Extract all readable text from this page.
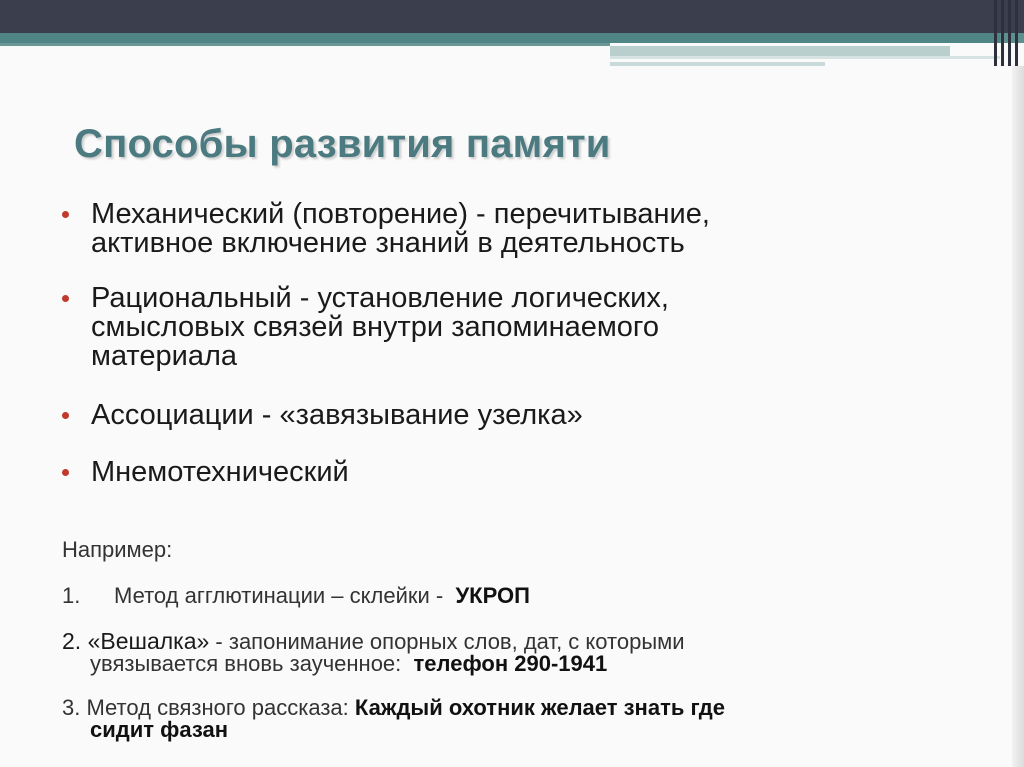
Способы развития памяти
Механический (повторение) - перечитывание,
активное включение знаний в деятельность
Рациональный - установление логических,
смысловых связей внутри запоминаемого
материала
Ассоциации - «завязывание узелка»
Мнемотехнический
Например:
1. Метод агглютинации – склейки - УКРОП
2. «Вешалка» - запонимание опорных слов, дат, с которыми
увязывается вновь заученное: телефон 290-1941
3. Метод связного рассказа: Каждый охотник желает знать где
сидит фазан
